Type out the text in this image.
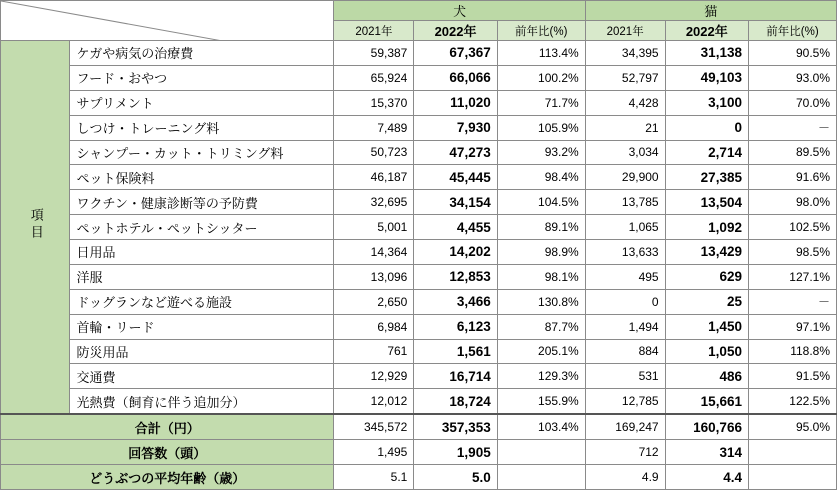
	犬			猫		
		2021年	2022年	前年比(%)	2021年	2022年	前年比(%)
項目	ケガや病気の治療費	59,387	67,367	113.4%	34,395	31,138	90.5%
	フード・おやつ	65,924	66,066	100.2%	52,797	49,103	93.0%
	サプリメント	15,370	11,020	71.7%	4,428	3,100	70.0%
	しつけ・トレーニング料	7,489	7,930	105.9%	21	0	－
	シャンプー・カット・トリミング料	50,723	47,273	93.2%	3,034	2,714	89.5%
	ペット保険料	46,187	45,445	98.4%	29,900	27,385	91.6%
	ワクチン・健康診断等の予防費	32,695	34,154	104.5%	13,785	13,504	98.0%
	ペットホテル・ペットシッター	5,001	4,455	89.1%	1,065	1,092	102.5%
	日用品	14,364	14,202	98.9%	13,633	13,429	98.5%
	洋服	13,096	12,853	98.1%	495	629	127.1%
	ドッグランなど遊べる施設	2,650	3,466	130.8%	0	25	－
	首輪・リード	6,984	6,123	87.7%	1,494	1,450	97.1%
	防災用品	761	1,561	205.1%	884	1,050	118.8%
	交通費	12,929	16,714	129.3%	531	486	91.5%
	光熱費（飼育に伴う追加分）	12,012	18,724	155.9%	12,785	15,661	122.5%
合計（円）		345,572	357,353	103.4%	169,247	160,766	95.0%
回答数（頭）		1,495	1,905		712	314	
どうぶつの平均年齢（歳）		5.1	5.0		4.9	4.4	
